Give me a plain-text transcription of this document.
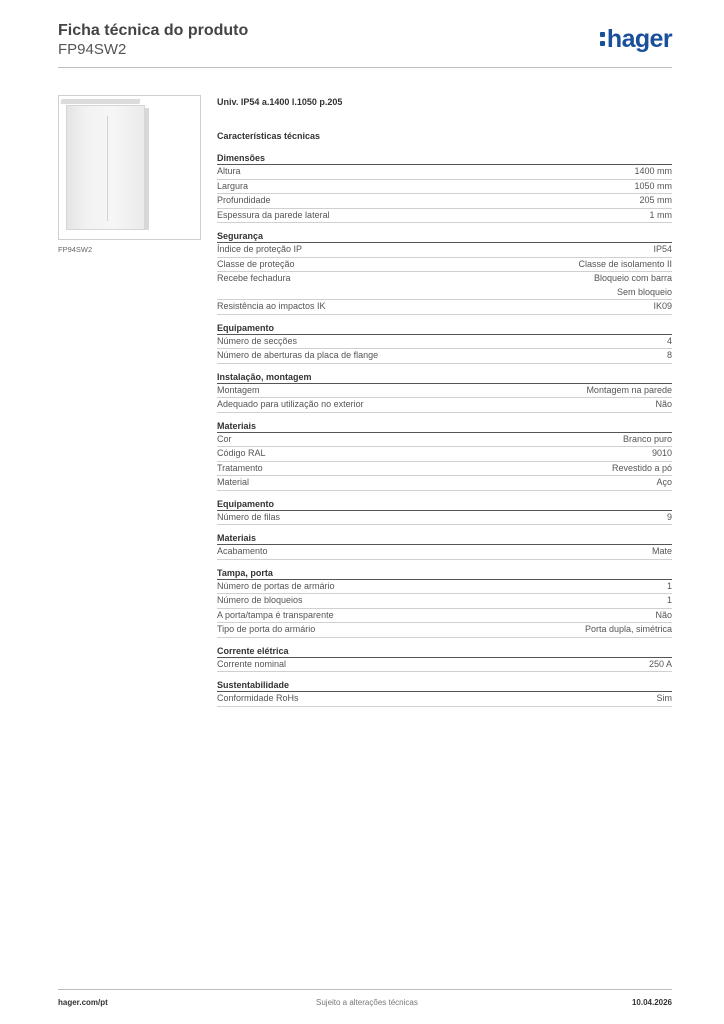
Ficha técnica do produto
FP94SW2	hager
FP94SW2
Univ. IP54 a.1400 l.1050 p.205
Características técnicas
Dimensões
Altura	1400 mm
Largura	1050 mm
Profundidade	205 mm
Espessura da parede lateral	1 mm
Segurança
Índice de proteção IP	IP54
Classe de proteção	Classe de isolamento II
Recebe fechadura	Bloqueio com barra
Sem bloqueio
Resistência ao impactos IK	IK09
Equipamento
Número de secções	4
Número de aberturas da placa de flange	8
Instalação, montagem
Montagem	Montagem na parede
Adequado para utilização no exterior	Não
Materiais
Cor	Branco puro
Código RAL	9010
Tratamento	Revestido a pó
Material	Aço
Equipamento
Número de filas	9
Materiais
Acabamento	Mate
Tampa, porta
Número de portas de armário	1
Número de bloqueios	1
A porta/tampa é transparente	Não
Tipo de porta do armário	Porta dupla, simétrica
Corrente elétrica
Corrente nominal	250 A
Sustentabilidade
Conformidade RoHs	Sim
hager.com/pt	Sujeito a alterações técnicas	10.04.2026
